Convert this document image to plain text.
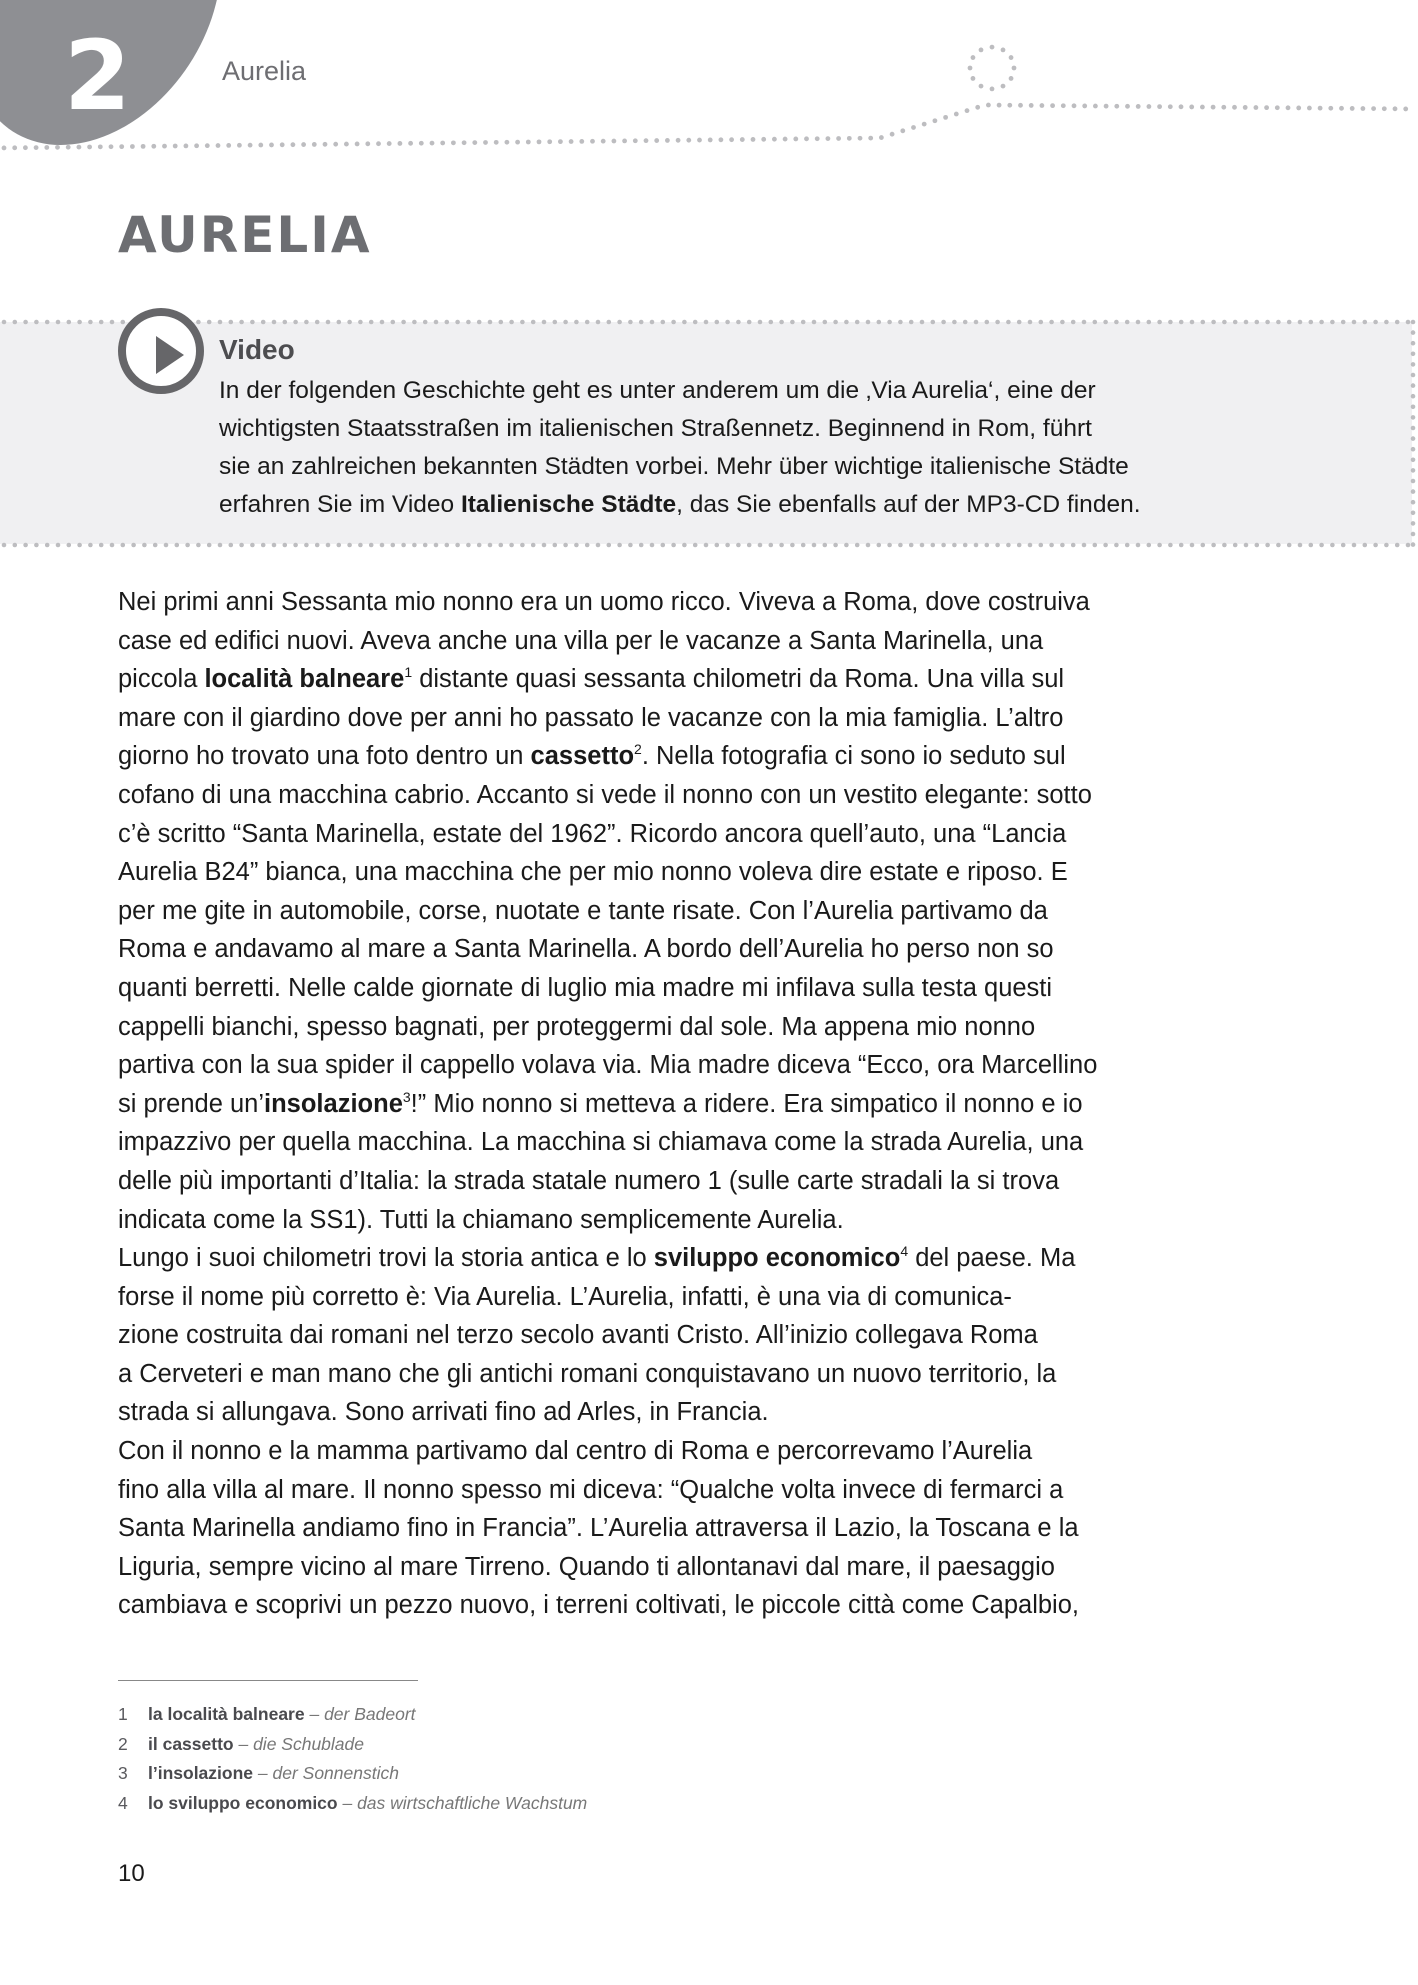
2	Aurelia
Video
In der folgenden Geschichte geht es unter anderem um die ‚Via Aurelia‘, eine der
wichtigsten Staatsstraßen im italienischen Straßennetz. Beginnend in Rom, führt
sie an zahlreichen bekannten Städten vorbei. Mehr über wichtige italienische Städte
erfahren Sie im Video Italienische Städte, das Sie ebenfalls auf der MP3-CD finden.
AURELIA
Nei primi anni Sessanta mio nonno era un uomo ricco. Viveva a Roma, dove costruiva
case ed edifici nuovi. Aveva anche una villa per le vacanze a Santa Marinella, una
piccola località balneare$^1$ distante quasi sessanta chilometri da Roma. Una villa sul
mare con il giardino dove per anni ho passato le vacanze con la mia famiglia. L’altro
giorno ho trovato una foto dentro un cassetto$^2$. Nella fotografia ci sono io seduto sul
cofano di una macchina cabrio. Accanto si vede il nonno con un vestito elegante: sotto
c’è scritto “Santa Marinella, estate del 1962”. Ricordo ancora quell’auto, una “Lancia
Aurelia B24” bianca, una macchina che per mio nonno voleva dire estate e riposo. E
per me gite in automobile, corse, nuotate e tante risate. Con l’Aurelia partivamo da
Roma e andavamo al mare a Santa Marinella. A bordo dell’Aurelia ho perso non so
quanti berretti. Nelle calde giornate di luglio mia madre mi infilava sulla testa questi
cappelli bianchi, spesso bagnati, per proteggermi dal sole. Ma appena mio nonno
partiva con la sua spider il cappello volava via. Mia madre diceva “Ecco, ora Marcellino
si prende un’insolazione$^3$!” Mio nonno si metteva a ridere. Era simpatico il nonno e io
impazzivo per quella macchina. La macchina si chiamava come la strada Aurelia, una
delle più importanti d’Italia: la strada statale numero 1 (sulle carte stradali la si trova
indicata come la SS1). Tutti la chiamano semplicemente Aurelia.
Lungo i suoi chilometri trovi la storia antica e lo sviluppo economico$^4$ del paese. Ma
forse il nome più corretto è: Via Aurelia. L’Aurelia, infatti, è una via di comunica-
zione costruita dai romani nel terzo secolo avanti Cristo. All’inizio collegava Roma
a Cerveteri e man mano che gli antichi romani conquistavano un nuovo territorio, la
strada si allungava. Sono arrivati fino ad Arles, in Francia.
Con il nonno e la mamma partivamo dal centro di Roma e percorrevamo l’Aurelia
fino alla villa al mare. Il nonno spesso mi diceva: “Qualche volta invece di fermarci a
Santa Marinella andiamo fino in Francia”. L’Aurelia attraversa il Lazio, la Toscana e la
Liguria, sempre vicino al mare Tirreno. Quando ti allontanavi dal mare, il paesaggio
cambiava e scoprivi un pezzo nuovo, i terreni coltivati, le piccole città come Capalbio,
1 la località balneare – der Badeort
2 il cassetto – die Schublade
3 l’insolazione – der Sonnenstich
4 lo sviluppo economico – das wirtschaftliche Wachstum
10
